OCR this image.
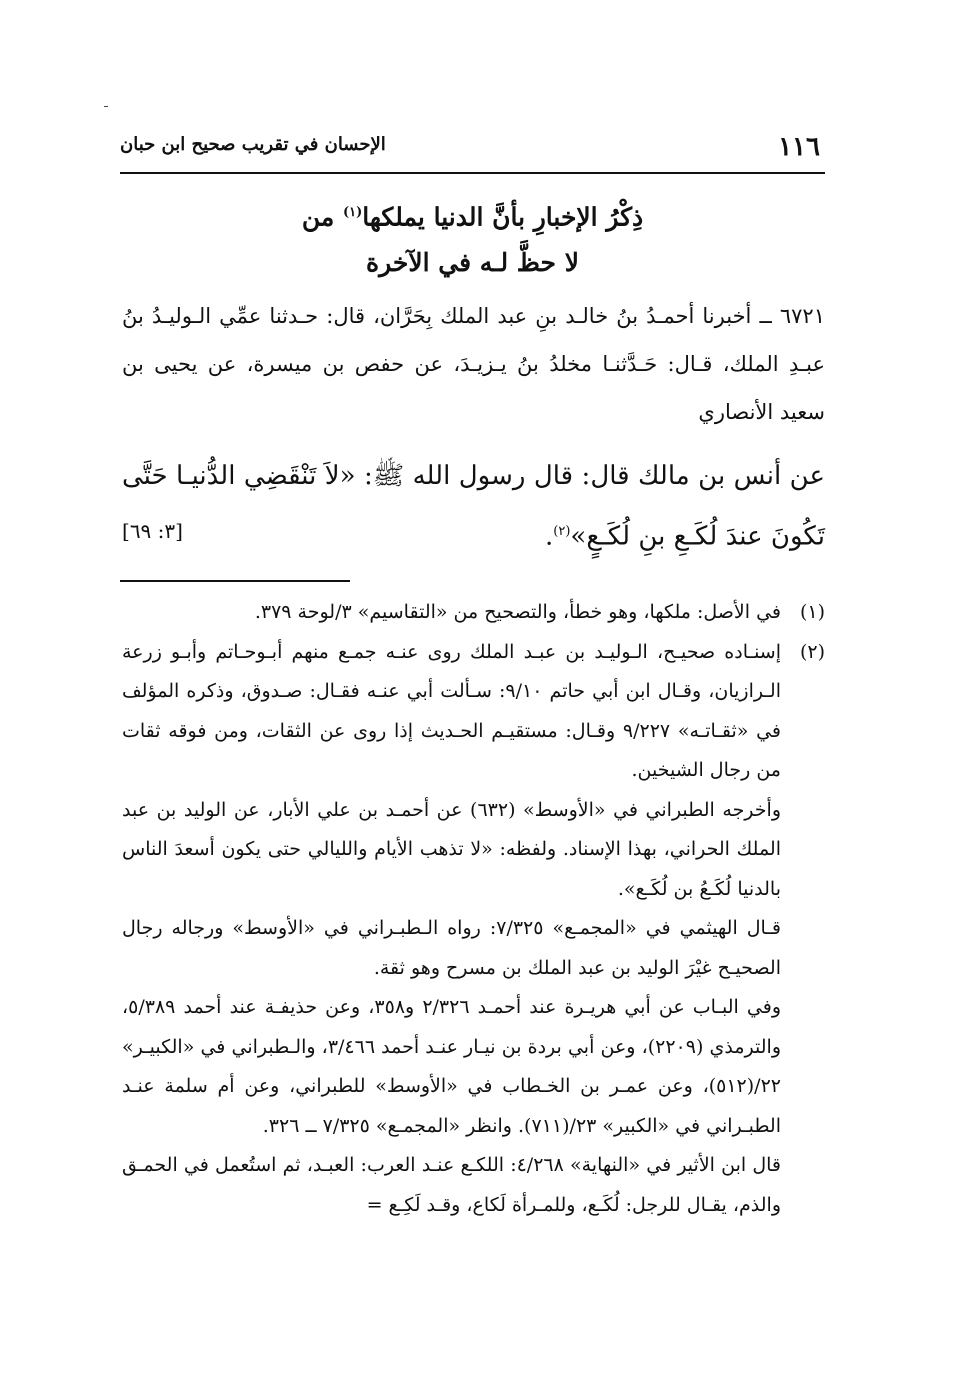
١١٦
الإحسان في تقريب صحيح ابن حبان
ذِكْرُ الإخبارِ بأنَّ الدنيا يملكها$^{(١)}$ من
لا حظَّ لـه في الآخرة
٦٧٢١ ــ أخبرنا أحمـدُ بنُ خالـد بنِ عبد الملك بِحَرَّان، قال: حـدثنا عمِّي الـوليـدُ بنُ عبـدِ الملك، قـال: حَـدَّثنـا مخلدُ بنُ يـزيـدَ، عن حفص بن ميسرة، عن يحيى بن سعيد الأنصاري
عن أنس بن مالك قال: قال رسول الله ﷺ: «لاَ تَنْقَضِي الدُّنيـا حَتَّى تَكُونَ عندَ لُكَـعِ بنِ لُكَـعٍ»$^{(٢)}$.
[٣: ٦٩]
(١)

في الأصل: ملكها، وهو خطأ، والتصحيح من «التقاسيم» ٣/لوحة ٣٧٩.

(٢)

إسنـاده صحيـح، الـوليـد بن عبـد الملك روى عنـه جمـع منهم أبـوحـاتم وأبـو زرعة الـرازيان، وقـال ابن أبي حاتم ٩/١٠: سـألت أبي عنـه فقـال: صـدوق، وذكره المؤلف في «ثقـاتـه» ٩/٢٢٧ وقـال: مستقيـم الحـديث إذا روى عن الثقات، ومن فوقه ثقات من رجال الشيخين.

وأخرجه الطبراني في «الأوسط» (٦٣٢) عن أحمـد بن علي الأبار، عن الوليد بن عبد الملك الحراني، بهذا الإسناد. ولفظه: «لا تذهب الأيام والليالي حتى يكون أسعدَ الناس بالدنيا لُكَـعُ بن لُكَـع».

قـال الهيثمي في «المجمـع» ٧/٣٢٥: رواه الـطبـراني في «الأوسط» ورجاله رجال الصحيـح غيْرَ الوليد بن عبد الملك بن مسرح وهو ثقة.

وفي البـاب عن أبي هريـرة عند أحمـد ٢/٣٢٦ و٣٥٨، وعن حذيفـة عند أحمد ٥/٣٨٩، والترمذي (٢٢٠٩)، وعن أبي بردة بن نيـار عنـد أحمد ٣/٤٦٦، والـطبراني في «الكبيـر» ٢٢/(٥١٢)، وعن عمـر بن الخـطاب في «الأوسط» للطبراني، وعن أم سلمة عنـد الطبـراني في «الكبير» ٢٣/(٧١١). وانظر «المجمـع» ٧/٣٢٥ ــ ٣٢٦.

قال ابن الأثير في «النهاية» ٤/٢٦٨: اللكـع عنـد العرب: العبـد، ثم استُعمل في الحمـق والذم، يقـال للرجل: لُكَـع، وللمـرأة لَكاع، وقـد لَكِـع=
